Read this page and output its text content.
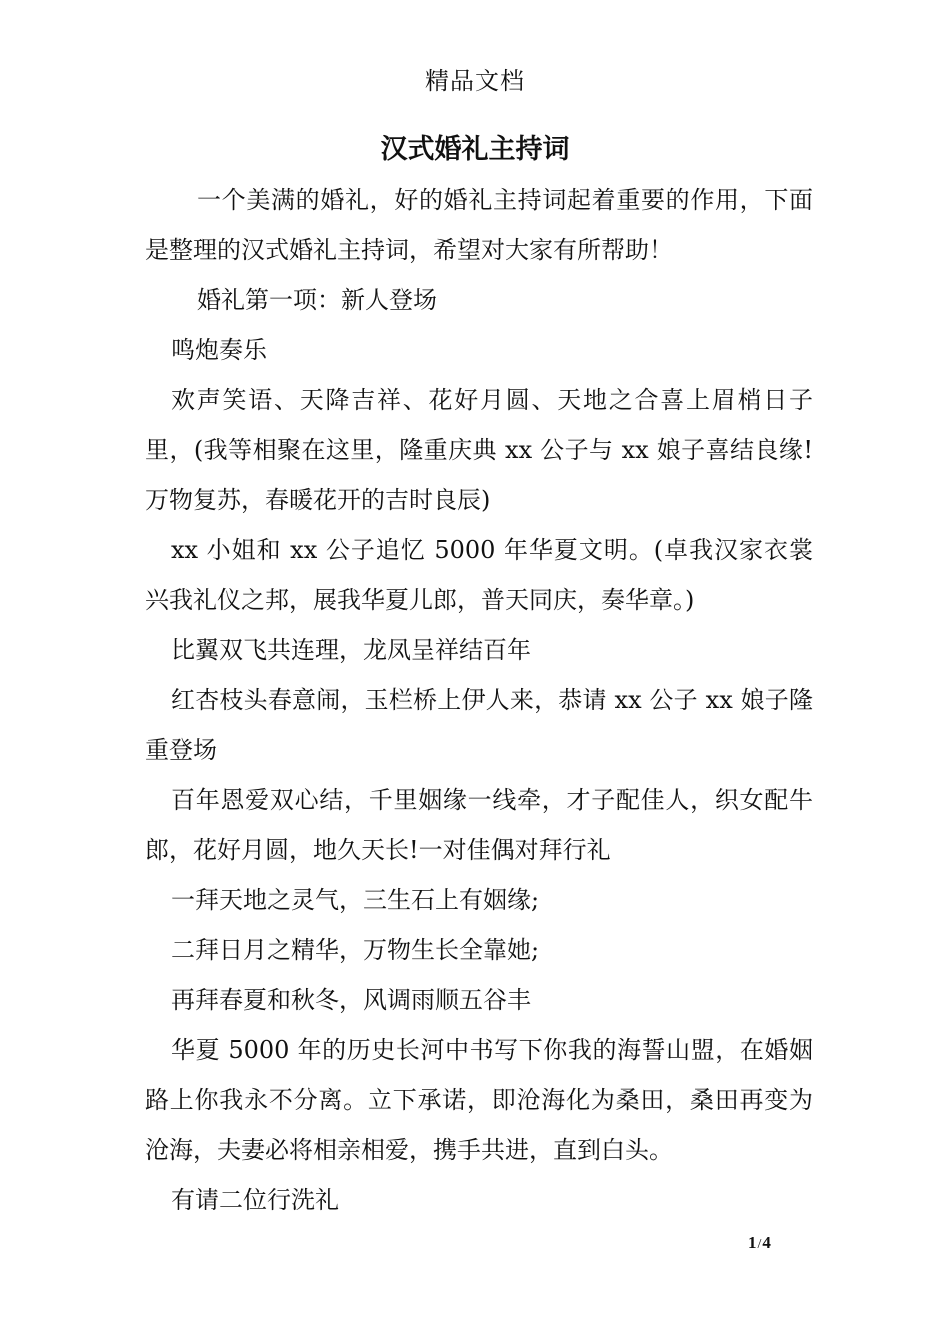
精品文档
汉式婚礼主持词

一个美满的婚礼，好的婚礼主持词起着重要的作用，下面是整理的汉式婚礼主持词，希望对大家有所帮助！

婚礼第一项：新人登场

鸣炮奏乐

欢声笑语、天降吉祥、花好月圆、天地之合喜上眉梢日子里，(我等相聚在这里，隆重庆典 xx 公子与 xx 娘子喜结良缘!万物复苏，春暖花开的吉时良辰)

xx 小姐和 xx 公子追忆 5000 年华夏文明。(卓我汉家衣裳兴我礼仪之邦，展我华夏儿郎，普天同庆，奏华章。)

比翼双飞共连理，龙凤呈祥结百年

红杏枝头春意闹，玉栏桥上伊人来，恭请 xx 公子 xx 娘子隆重登场

百年恩爱双心结，千里姻缘一线牵，才子配佳人，织女配牛郎，花好月圆，地久天长!一对佳偶对拜行礼

一拜天地之灵气，三生石上有姻缘;

二拜日月之精华，万物生长全靠她;

再拜春夏和秋冬，风调雨顺五谷丰

华夏 5000 年的历史长河中书写下你我的海誓山盟，在婚姻路上你我永不分离。立下承诺，即沧海化为桑田，桑田再变为沧海，夫妻必将相亲相爱，携手共进，直到白头。

有请二位行洗礼

1/4
